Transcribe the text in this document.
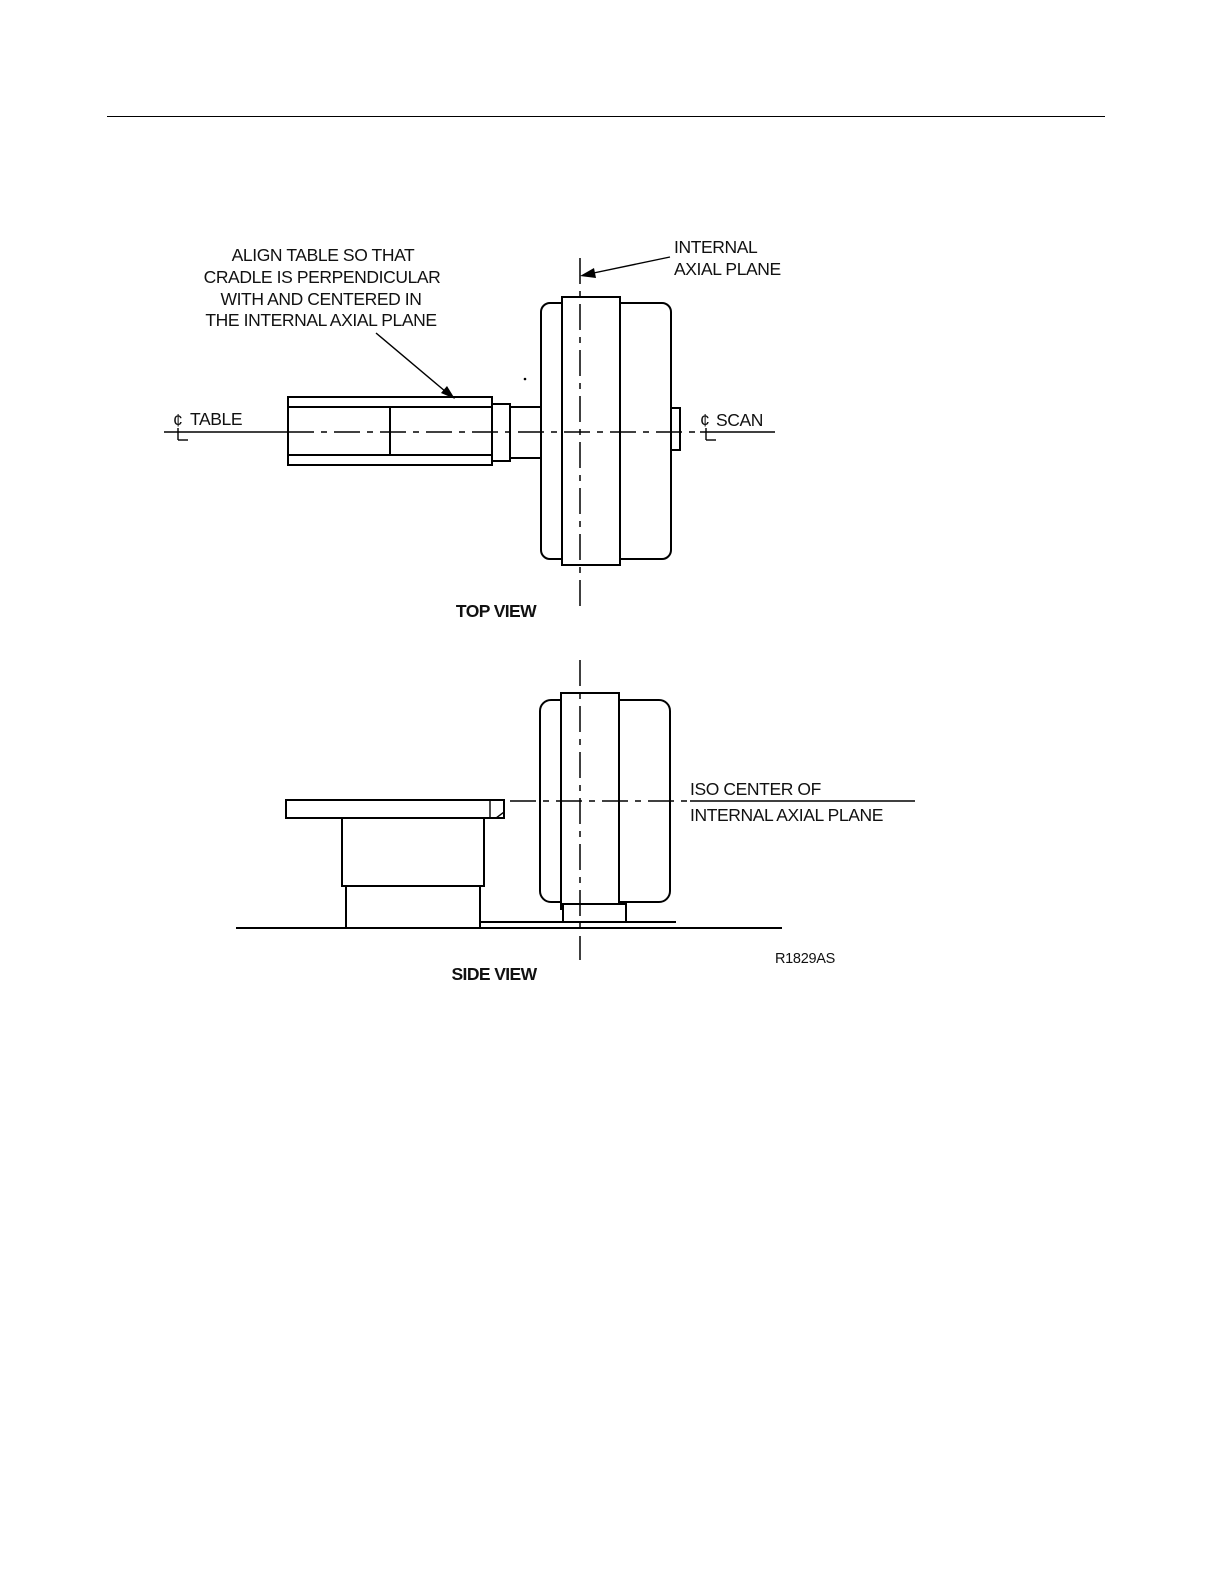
ALIGN TABLE SO THAT
CRADLE IS PERPENDICULAR
WITH AND CENTERED IN
THE INTERNAL AXIAL PLANE
INTERNAL
AXIAL PLANE
¢ TABLE	¢ SCAN
TOP VIEW
ISO CENTER OF
INTERNAL AXIAL PLANE
R1829AS
SIDE VIEW
